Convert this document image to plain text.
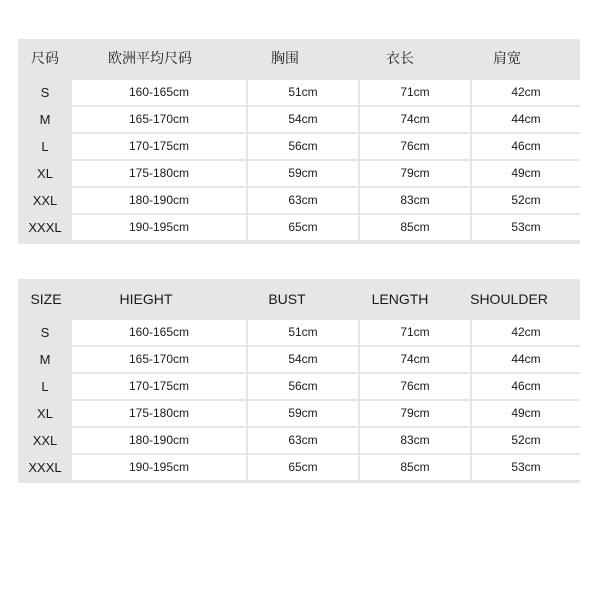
尺码	欧洲平均尺码	胸围	衣长	肩宽
S	160-165cm	51cm	71cm	42cm
M	165-170cm	54cm	74cm	44cm
L	170-175cm	56cm	76cm	46cm
XL	175-180cm	59cm	79cm	49cm
XXL	180-190cm	63cm	83cm	52cm
XXXL	190-195cm	65cm	85cm	53cm
SIZE	HIEGHT	BUST	LENGTH	SHOULDER
S	160-165cm	51cm	71cm	42cm
M	165-170cm	54cm	74cm	44cm
L	170-175cm	56cm	76cm	46cm
XL	175-180cm	59cm	79cm	49cm
XXL	180-190cm	63cm	83cm	52cm
XXXL	190-195cm	65cm	85cm	53cm
